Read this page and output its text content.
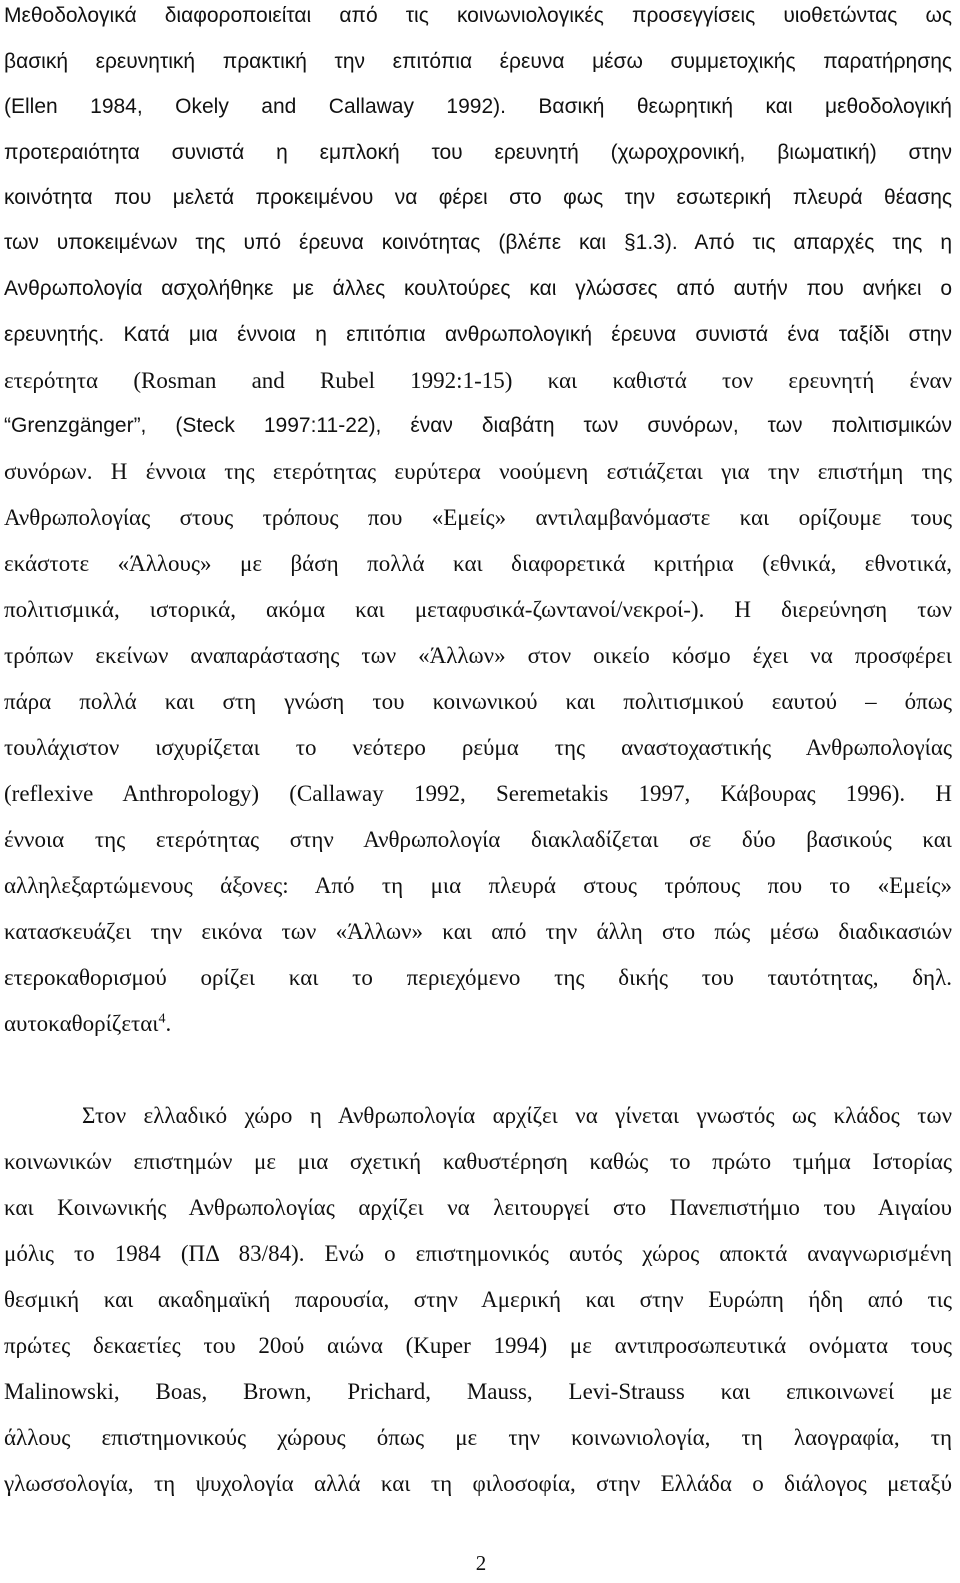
Μεθοδολογικά διαφοροποιείται από τις κοινωνιολογικές προσεγγίσεις υιοθετώντας ως
βασική ερευνητική πρακτική την επιτόπια έρευνα μέσω συμμετοχικής παρατήρησης
(Ellen 1984, Okely and Callaway 1992). Βασική θεωρητική και μεθοδολογική
προτεραιότητα συνιστά η εμπλοκή του ερευνητή (χωροχρονική, βιωματική) στην
κοινότητα που μελετά προκειμένου να φέρει στο φως την εσωτερική πλευρά θέασης
των υποκειμένων της υπό έρευνα κοινότητας (βλέπε και §1.3). Από τις απαρχές της η
Ανθρωπολογία ασχολήθηκε με άλλες κουλτούρες και γλώσσες από αυτήν που ανήκει ο
ερευνητής. Κατά μια έννοια η επιτόπια ανθρωπολογική έρευνα συνιστά ένα ταξίδι στην
ετερότητα (Rosman and Rubel 1992:1-15) και καθιστά τον ερευνητή έναν
“Grenzgänger”, (Steck 1997:11-22), έναν διαβάτη των συνόρων, των πολιτισμικών
συνόρων. Η έννοια της ετερότητας ευρύτερα νοούμενη εστιάζεται για την επιστήμη της
Ανθρωπολογίας στους τρόπους που «Εμείς» αντιλαμβανόμαστε και ορίζουμε τους
εκάστοτε «Άλλους» με βάση πολλά και διαφορετικά κριτήρια (εθνικά, εθνοτικά,
πολιτισμικά, ιστορικά, ακόμα και μεταφυσικά-ζωντανοί/νεκροί-). Η διερεύνηση των
τρόπων εκείνων αναπαράστασης των «Άλλων» στον οικείο κόσμο έχει να προσφέρει
πάρα πολλά και στη γνώση του κοινωνικού και πολιτισμικού εαυτού – όπως
τουλάχιστον ισχυρίζεται το νεότερο ρεύμα της αναστοχαστικής Ανθρωπολογίας
(reflexive Anthropology) (Callaway 1992, Seremetakis 1997, Κάβουρας 1996). Η
έννοια της ετερότητας στην Ανθρωπολογία διακλαδίζεται σε δύο βασικούς και
αλληλεξαρτώμενους άξονες: Από τη μια πλευρά στους τρόπους που το «Εμείς»
κατασκευάζει την εικόνα των «Άλλων» και από την άλλη στο πώς μέσω διαδικασιών
ετεροκαθορισμού ορίζει και το περιεχόμενο της δικής του ταυτότητας, δηλ.
αυτοκαθορίζεται$^4$.
Στον ελλαδικό χώρο η Ανθρωπολογία αρχίζει να γίνεται γνωστός ως κλάδος των
κοινωνικών επιστημών με μια σχετική καθυστέρηση καθώς το πρώτο τμήμα Ιστορίας
και Κοινωνικής Ανθρωπολογίας αρχίζει να λειτουργεί στο Πανεπιστήμιο του Αιγαίου
μόλις το 1984 (ΠΔ 83/84). Ενώ ο επιστημονικός αυτός χώρος αποκτά αναγνωρισμένη
θεσμική και ακαδημαϊκή παρουσία, στην Αμερική και στην Ευρώπη ήδη από τις
πρώτες δεκαετίες του 20ού αιώνα (Kuper 1994) με αντιπροσωπευτικά ονόματα τους
Malinowski, Boas, Brown, Prichard, Mauss, Levi-Strauss και επικοινωνεί με
άλλους επιστημονικούς χώρους όπως με την κοινωνιολογία, τη λαογραφία, τη
γλωσσολογία, τη ψυχολογία αλλά και τη φιλοσοφία, στην Ελλάδα ο διάλογος μεταξύ
2
